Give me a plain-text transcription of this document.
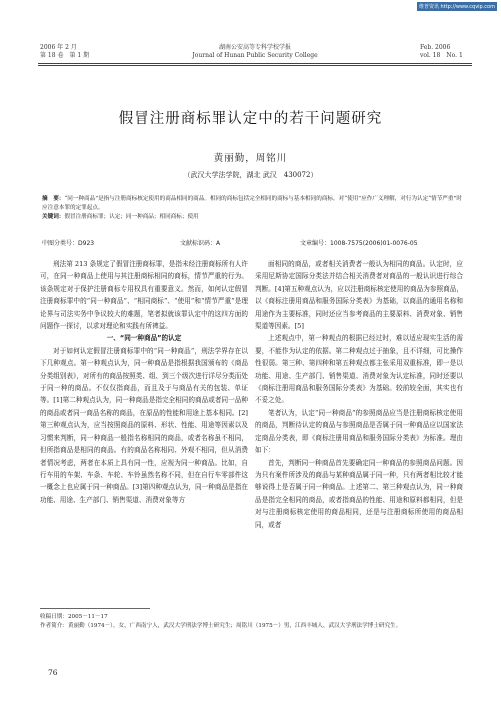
维普资讯 http://www.cqvip.com
2006 年 2 月
第 18 卷　第 1 期
湖南公安高等专科学校学报
Journal of Hunan Public Security College
Feb. 2006
vol. 18　No. 1
假冒注册商标罪认定中的若干问题研究
黄丽勤，周铭川
（武汉大学法学院，湖北 武汉　430072）
摘　要：“同一种商品”是指与注册商标核定使用的商品相同的商品。相同的商标包括完全相同的商标与基本相同的商标。对“使用”应作广义理解，对行为认定“情节严重”时应注意本罪的定罪起点。
关键词：假冒注册商标罪；认定；同一种商品；相同商标；使用
中图分类号：D923	文献标识码：A	文章编号：1008-7575(2006)01-0076-05

刑法第 213 条规定了假冒注册商标罪，是指未经注册商标所有人许可，在同一种商品上使用与其注册商标相同的商标，情节严重的行为。该条规定对于保护注册商标专用权具有重要意义。然而，如何认定假冒注册商标罪中的“同一种商品”、“相同商标”、“使用”和“情节严重”是理论界与司法实务中争议较大的难题，笔者拟就该罪认定中的这四方面的问题作一探讨，以求对理论和实践有所裨益。

一、“同一种商品”的认定

对于如何认定假冒注册商标罪中的“同一种商品”，刑法学界存在以下几种观点。第一种观点认为，同一种商品是指根据我国颁布的《商品分类组别表》，对所有的商品按照类、组、到三个级次进行详尽分类而处于同一种的商品。不仅仅指商品，而且及于与商品有关的包装、单证等。[1]第二种观点认为，同一种商品是指完全相同的商品或者同一品种的商品或者同一商品名称的商品，在原品的性能和用途上基本相同。[2]第三种观点认为，应当按照商品的原料、形状、性能、用途等因素以及习惯来判断，同一种商品一般指名称相同的商品，或者名称虽不相同，但所指商品是相同的商品。有的商品名称相同、外观不相同，但从消费者情况考虑，两者在本质上具有同一性，应视为同一种商品。比如，自行车用的车架、车条、车轮、车铃虽然名称不同，但在自行车零部件这一概念上也应属于同一种商品。[3]第四种观点认为，同一种商品是指在功能、用途、生产部门、销售渠道、消费对象等方

面相同的商品，或者相关消费者一般认为相同的商品。认定时，应采用尼斯协定国际分类法并结合相关消费者对商品的一般认识进行综合判断。[4]第五种观点认为，应以注册商标核定使用的商品为参照商品，以《商标注册用商品和服务国际分类表》为基础，以商品的通用名称和用途作为主要标准，同时还应当参考商品的主要原料、消费对象、销售渠道等因素。[5]

上述观点中，第一种观点的根据已经过时，难以适应现实生活的需要，不能作为认定的依据。第二种观点过于抽象，且不详细，可比操作性很弱。第三种、第四种和第五种观点都主张采用双重标准，即一是以功能、用途、生产部门、销售渠道、消费对象为认定标准，同时还要以《商标注册用商品和服务国际分类表》为基础。较前较全面，其实也有不妥之处。

笔者认为，认定“同一种商品”的参照商品应当是注册商标核定使用的商品，判断待认定的商品与参照商品是否属于同一种商品应以国家法定商品分类表，即《商标注册用商品和服务国际分类表》为标准。理由如下：

首先，判断同一种商品首先要确定同一种商品的参照商品问题。因为只有案件所涉及的商品与某种商品属于同一种，只有两者相比较才能够说得上是否属于同一种商品。上述第二、第三种观点认为，同一种商品是指完全相同的商品，或者指商品的性能、用途和原料都相同，但是对与注册商标核定使用的商品相同，还是与注册商标所使用的商品相同，或者

收稿日期：2005－11－17
作者简介：黄丽勤（1974－），女，广西南宁人，武汉大学刑法学博士研究生；周铭川（1975－）男，江西丰城人，武汉大学刑法学博士研究生。
76
